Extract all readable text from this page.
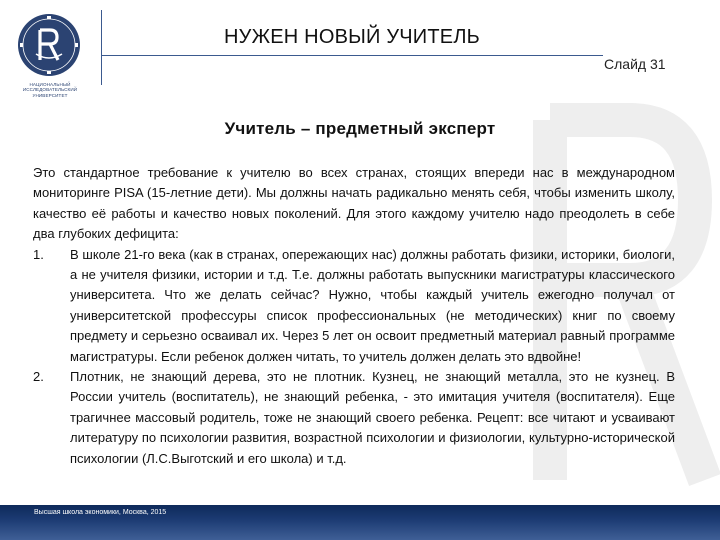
НАЦИОНАЛЬНЫЙ ИССЛЕДОВАТЕЛЬСКИЙ УНИВЕРСИТЕТ
НУЖЕН НОВЫЙ УЧИТЕЛЬ
Слайд 31
Учитель – предметный эксперт

Это стандартное требование к учителю во всех странах, стоящих впереди нас в международном мониторинге PISA (15-летние дети). Мы должны начать радикально менять себя, чтобы изменить школу, качество её работы и качество новых поколений. Для этого каждому учителю надо преодолеть в себе два глубоких дефицита:

1.	В школе 21-го века (как в странах, опережающих нас) должны работать физики, историки, биологи, а не учителя физики, истории и т.д. Т.е. должны работать выпускники магистратуры классического университета. Что же делать сейчас? Нужно, чтобы каждый учитель ежегодно получал от университетской профессуры список профессиональных (не методических) книг по своему предмету и серьезно осваивал их. Через 5 лет он освоит предметный материал равный программе магистратуры. Если ребенок должен читать, то учитель должен делать это вдвойне!
2.	Плотник, не знающий дерева, это не плотник. Кузнец, не знающий металла, это не кузнец. В России учитель (воспитатель), не знающий ребенка, - это имитация учителя (воспитателя). Еще трагичнее массовый родитель, тоже не знающий своего ребенка. Рецепт: все читают и усваивают литературу по психологии развития, возрастной психологии и физиологии, культурно-исторической психологии (Л.С.Выготский и его школа) и т.д.
Высшая школа экономики, Москва, 2015
